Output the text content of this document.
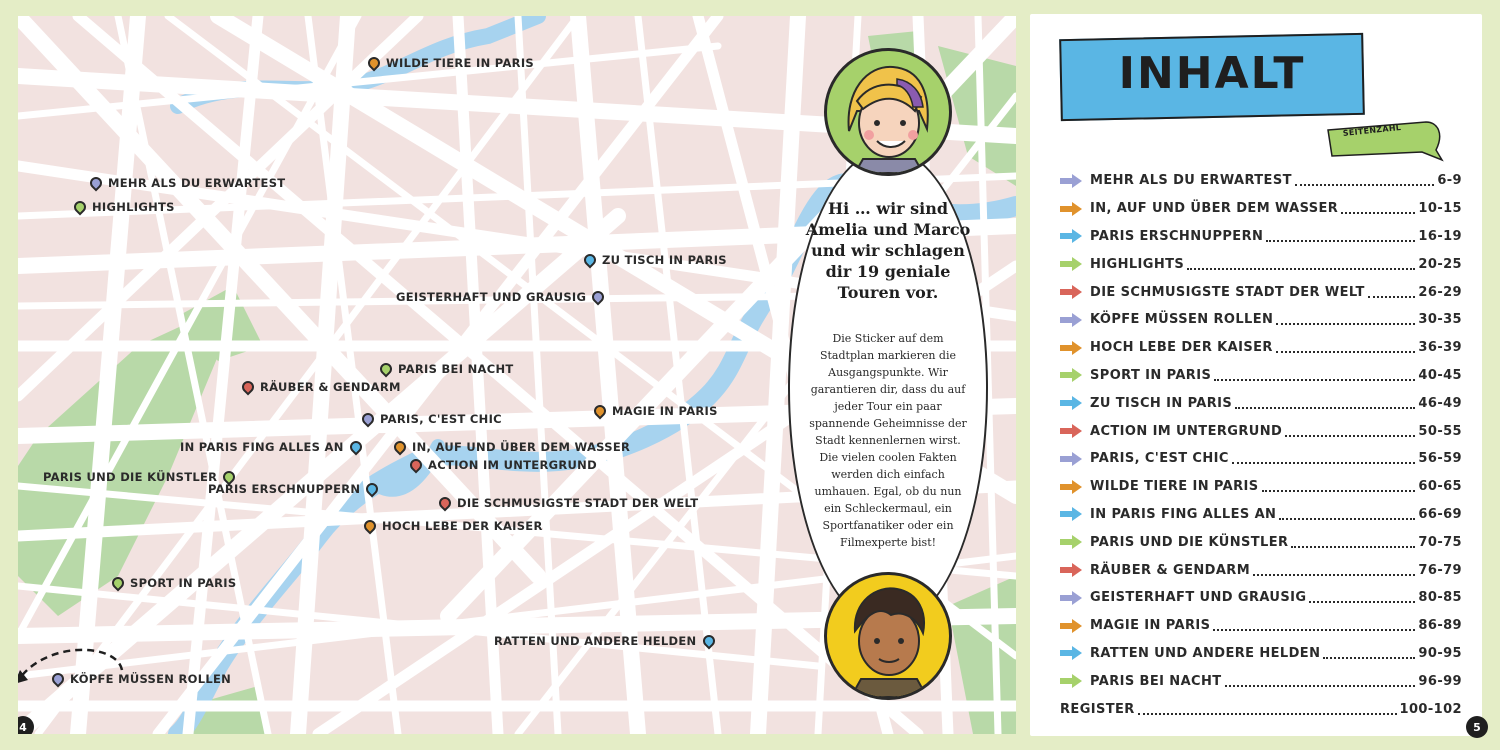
WILDE TIERE IN PARIS
MEHR ALS DU ERWARTEST
HIGHLIGHTS
ZU TISCH IN PARIS
GEISTERHAFT UND GRAUSIG
PARIS BEI NACHT
RÄUBER & GENDARM
PARIS, C'EST CHIC
MAGIE IN PARIS
IN PARIS FING ALLES AN	IN, AUF UND ÜBER DEM WASSER
ACTION IM UNTERGRUND
PARIS UND DIE KÜNSTLER
PARIS ERSCHNUPPERN
DIE SCHMUSIGSTE STADT DER WELT
HOCH LEBE DER KAISER
SPORT IN PARIS
RATTEN UND ANDERE HELDEN
KÖPFE MÜSSEN ROLLEN
Hi … wir sind Amelia und Marco und wir schlagen dir 19 geniale Touren vor.
Die Sticker auf dem Stadtplan markieren die Ausgangspunkte. Wir garantieren dir, dass du auf jeder Tour ein paar spannende Geheimnisse der Stadt kennenlernen wirst. Die vielen coolen Fakten werden dich einfach umhauen. Egal, ob du nun ein Schleckermaul, ein Sportfanatiker oder ein Filmexperte bist!
4
INHALT
SEITENZAHL
MEHR ALS DU ERWARTEST	6-9
IN, AUF UND ÜBER DEM WASSER	10-15
PARIS ERSCHNUPPERN	16-19
HIGHLIGHTS	20-25
DIE SCHMUSIGSTE STADT DER WELT	26-29
KÖPFE MÜSSEN ROLLEN	30-35
HOCH LEBE DER KAISER	36-39
SPORT IN PARIS	40-45
ZU TISCH IN PARIS	46-49
ACTION IM UNTERGRUND	50-55
PARIS, C'EST CHIC	56-59
WILDE TIERE IN PARIS	60-65
IN PARIS FING ALLES AN	66-69
PARIS UND DIE KÜNSTLER	70-75
RÄUBER & GENDARM	76-79
GEISTERHAFT UND GRAUSIG	80-85
MAGIE IN PARIS	86-89
RATTEN UND ANDERE HELDEN	90-95
PARIS BEI NACHT	96-99
REGISTER	100-102
5
